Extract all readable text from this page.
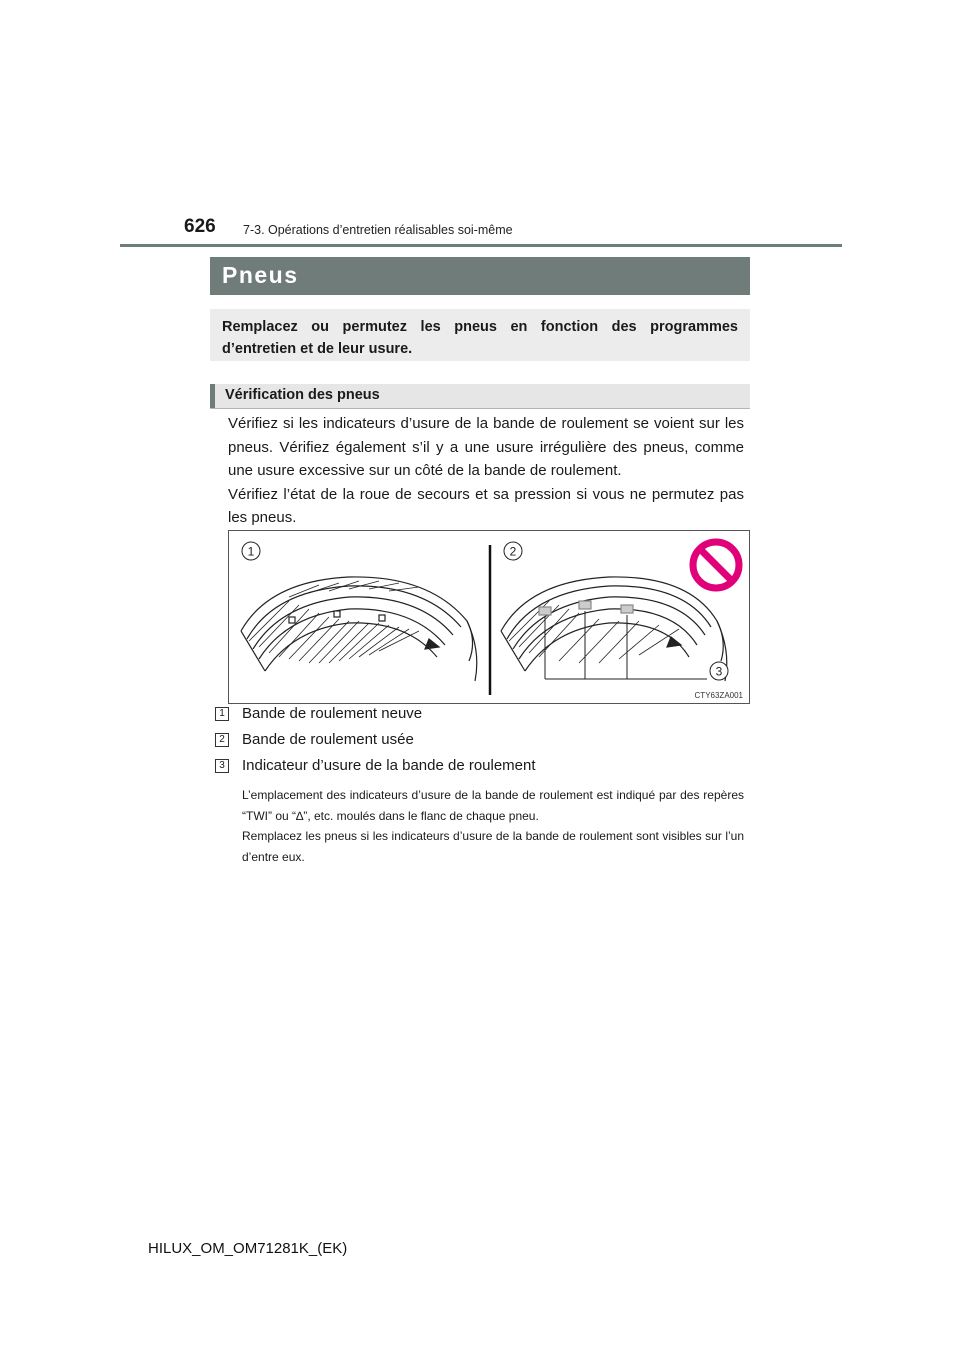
626 7-3. Opérations d’entretien réalisables soi-même
Pneus

Remplacez ou permutez les pneus en fonction des programmes d’entretien et de leur usure.

Vérification des pneus
Vérifiez si les indicateurs d’usure de la bande de roulement se voient sur les pneus. Vérifiez également s’il y a une usure irrégulière des pneus, comme une usure excessive sur un côté de la bande de roulement.
Vérifiez l’état de la roue de secours et sa pression si vous ne permutez pas les pneus.
1	2
3
CTY63ZA001
1 Bande de roulement neuve
2 Bande de roulement usée
3 Indicateur d’usure de la bande de roulement
L’emplacement des indicateurs d’usure de la bande de roulement est indiqué par des repères “TWI” ou “∆”, etc. moulés dans le flanc de chaque pneu.
Remplacez les pneus si les indicateurs d’usure de la bande de roulement sont visibles sur l’un d’entre eux.
HILUX_OM_OM71281K_(EK)
